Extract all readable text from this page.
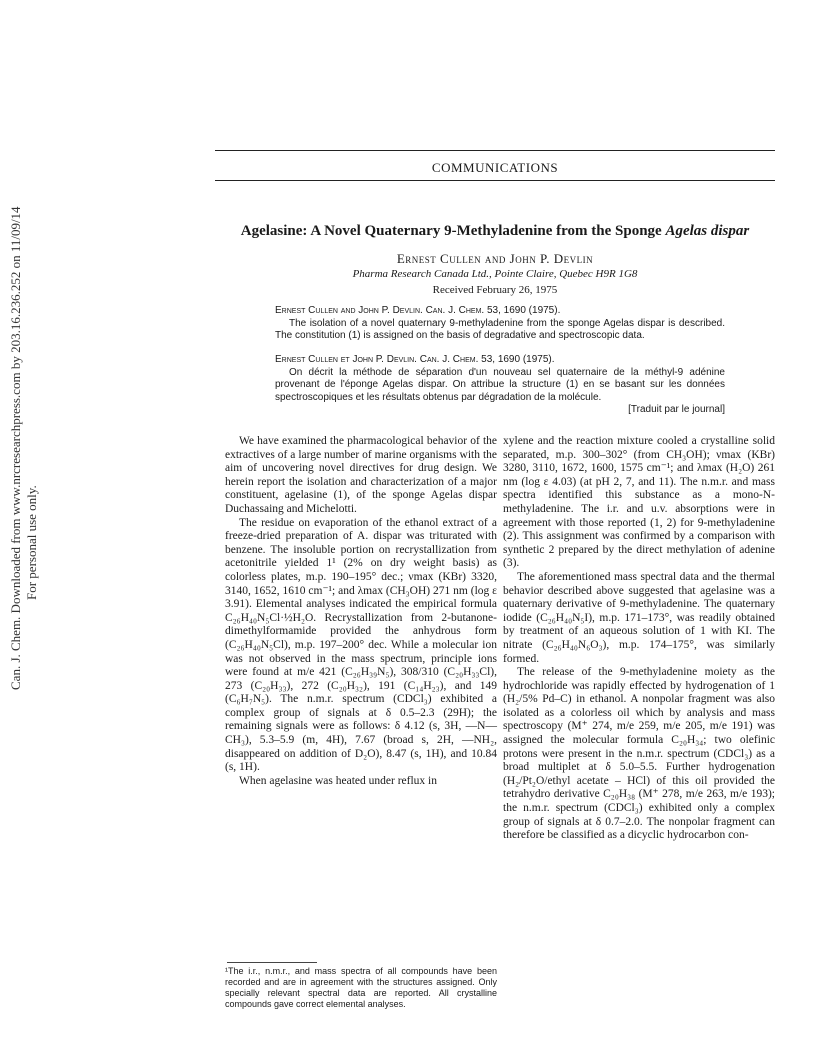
Can. J. Chem. Downloaded from www.nrcresearchpress.com by 203.16.236.252 on 11/09/14 For personal use only.
COMMUNICATIONS
Agelasine: A Novel Quaternary 9-Methyladenine from the Sponge Agelas dispar
Ernest Cullen and John P. Devlin
Pharma Research Canada Ltd., Pointe Claire, Quebec H9R 1G8
Received February 26, 1975
Ernest Cullen and John P. Devlin. Can. J. Chem. 53, 1690 (1975).
The isolation of a novel quaternary 9-methyladenine from the sponge Agelas dispar is described. The constitution (1) is assigned on the basis of degradative and spectroscopic data.
Ernest Cullen et John P. Devlin. Can. J. Chem. 53, 1690 (1975).
On décrit la méthode de séparation d'un nouveau sel quaternaire de la méthyl-9 adénine provenant de l'éponge Agelas dispar. On attribue la structure (1) en se basant sur les données spectroscopiques et les résultats obtenus par dégradation de la molécule.
[Traduit par le journal]

We have examined the pharmacological behavior of the extractives of a large number of marine organisms with the aim of uncovering novel directives for drug design. We herein report the isolation and characterization of a major constituent, agelasine (1), of the sponge Agelas dispar Duchassaing and Michelotti.

The residue on evaporation of the ethanol extract of a freeze-dried preparation of A. dispar was triturated with benzene. The insoluble portion on recrystallization from acetonitrile yielded 1¹ (2% on dry weight basis) as colorless plates, m.p. 190–195° dec.; νmax (KBr) 3320, 3140, 1652, 1610 cm⁻¹; and λmax (CH₃OH) 271 nm (log ε 3.91). Elemental analyses indicated the empirical formula C₂₆H₄₀N₅Cl·½H₂O. Recrystallization from 2-butanone-dimethylformamide provided the anhydrous form (C₂₆H₄₀N₅Cl), m.p. 197–200° dec. While a molecular ion was not observed in the mass spectrum, principle ions were found at m/e 421 (C₂₆H₃₉N₅), 308/310 (C₂₀H₃₃Cl), 273 (C₂₀H₃₃), 272 (C₂₀H₃₂), 191 (C₁₄H₂₃), and 149 (C₆H₇N₅). The n.m.r. spectrum (CDCl₃) exhibited a complex group of signals at δ 0.5–2.3 (29H); the remaining signals were as follows: δ 4.12 (s, 3H, —N—CH₃), 5.3–5.9 (m, 4H), 7.67 (broad s, 2H, —NH₂, disappeared on addition of D₂O), 8.47 (s, 1H), and 10.84 (s, 1H).

When agelasine was heated under reflux in

xylene and the reaction mixture cooled a crystalline solid separated, m.p. 300–302° (from CH₃OH); νmax (KBr) 3280, 3110, 1672, 1600, 1575 cm⁻¹; and λmax (H₂O) 261 nm (log ε 4.03) (at pH 2, 7, and 11). The n.m.r. and mass spectra identified this substance as a mono-N-methyladenine. The i.r. and u.v. absorptions were in agreement with those reported (1, 2) for 9-methyladenine (2). This assignment was confirmed by a comparison with synthetic 2 prepared by the direct methylation of adenine (3).

The aforementioned mass spectral data and the thermal behavior described above suggested that agelasine was a quaternary derivative of 9-methyladenine. The quaternary iodide (C₂₆H₄₀N₅I), m.p. 171–173°, was readily obtained by treatment of an aqueous solution of 1 with KI. The nitrate (C₂₆H₄₀N₆O₃), m.p. 174–175°, was similarly formed.

The release of the 9-methyladenine moiety as the hydrochloride was rapidly effected by hydrogenation of 1 (H₂/5% Pd–C) in ethanol. A nonpolar fragment was also isolated as a colorless oil which by analysis and mass spectroscopy (M⁺ 274, m/e 259, m/e 205, m/e 191) was assigned the molecular formula C₂₀H₃₄; two olefinic protons were present in the n.m.r. spectrum (CDCl₃) as a broad multiplet at δ 5.0–5.5. Further hydrogenation (H₂/Pt₂O/ethyl acetate – HCl) of this oil provided the tetrahydro derivative C₂₀H₃₈ (M⁺ 278, m/e 263, m/e 193); the n.m.r. spectrum (CDCl₃) exhibited only a complex group of signals at δ 0.7–2.0. The nonpolar fragment can therefore be classified as a dicyclic hydrocarbon con-

¹The i.r., n.m.r., and mass spectra of all compounds have been recorded and are in agreement with the structures assigned. Only specially relevant spectral data are reported. All crystalline compounds gave correct elemental analyses.
